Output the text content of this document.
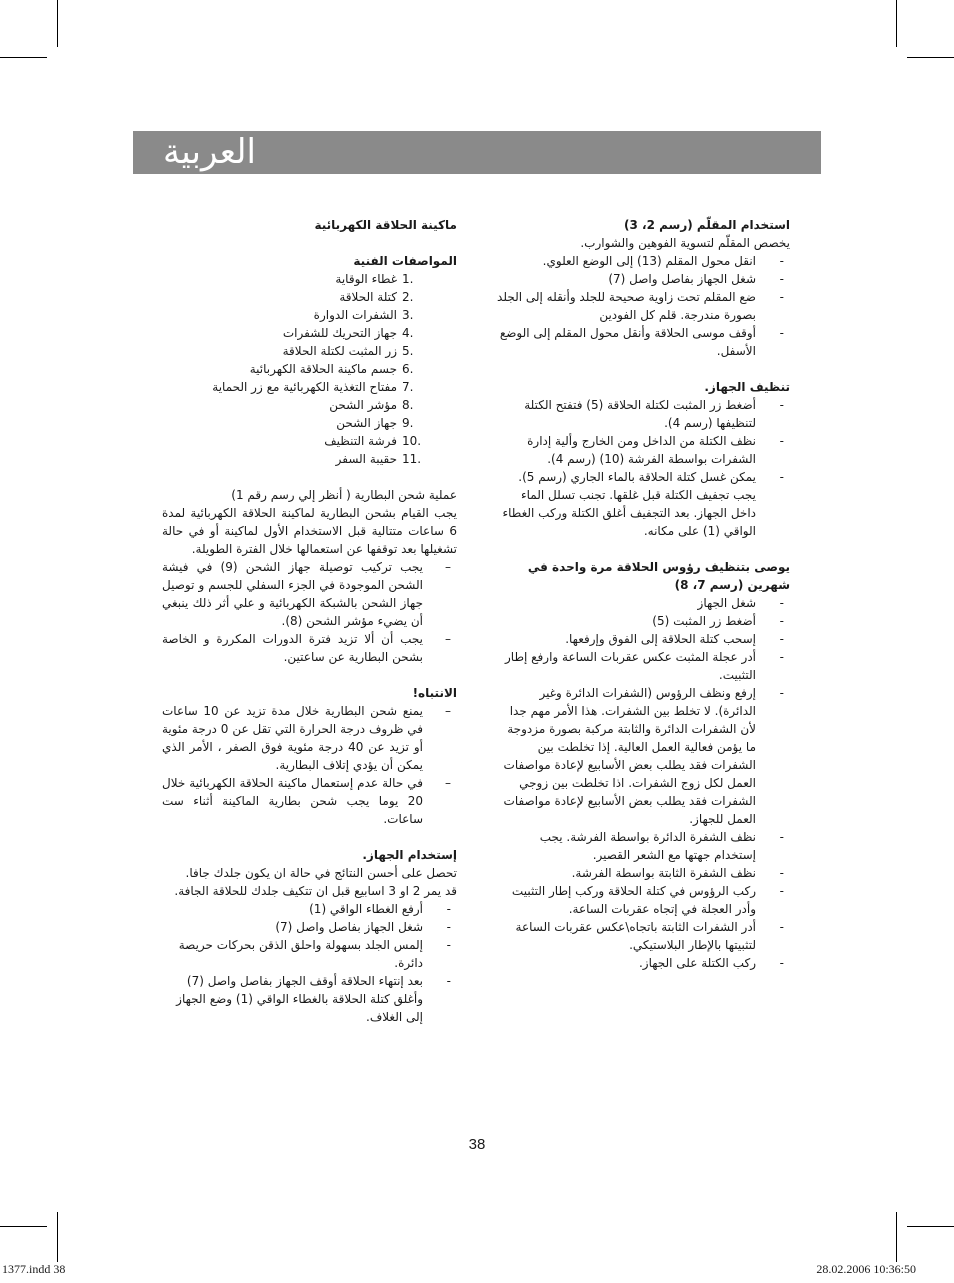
العربية

استخدام المقلّم (رسم 2، 3)

يخصص المقلّم لتسوية الفوهين والشوارب.

-
انقل محول المقلم (13) إلى الوضع العلوي.
-
شغل الجهاز بفاصل واصل (7)
-
ضع المقلم تحت زاوية صحيحة للجلد وأنقله إلى الجلد بصورة مندرجة. قلم كل الفودين
-
أوقف موسى الحلاقة وأنقل محول المقلم إلى الوضع الأسفل.

تنظيف الجهاز.

-
أضغط زر المثبت لكتلة الحلاقة (5) فتفتح الكتلة لتنظيفها (رسم 4).
-
نظف الكتلة من الداخل ومن الخارج وألية إدارة الشفرات بواسطة الفرشة (10) (رسم 4).
-
يمكن غسل كتلة الحلاقة بالماء الجاري (رسم 5). يجب تجفيف الكتلة قبل غلقها. تجنب تسلل الماء داخل الجهاز. بعد التجفيف أغلق الكتلة وركب الغطاء الواقي (1) على مكانه.

يوصى بتنظيف رؤوس الحلاقة مرة واحدة في شهرين (رسم 7، 8)

-
شغل الجهاز
-
أضغط زر المثبت (5)
-
إسحب كتلة الحلاقة إلى الفوق وإرفعها.
-
أدر عجلة المثبت عكس عقربات الساعة وارفع إطار التثبيت.
-
إرفع ونظف الرؤوس (الشفرات الدائرة وغير الدائرة). لا تخلط بين الشفرات. هذا الأمر مهم جدا لأن الشفرات الدائرة والثابتة مركبة بصورة مزدوجة ما يؤمن فعالية العمل العالية. إذا تخلطت بين الشفرات فقد يطلب بعض الأسابيع لإعادة مواصفات العمل لكل زوج الشفرات. اذا تخلطت بين زوجي الشفرات فقد يطلب بعض الأسابيع لإعادة مواصفات العمل للجهاز.
-
نظف الشفرة الدائرة بواسطة الفرشة. يجب إستخدام جهتها مع الشعر القصير.
-
نظف الشفرة الثابتة بواسطة الفرشة.
-
ركب الرؤوس في كتلة الحلاقة وركب إطار التثبيت وأدر العجلة في إتجاه عقربات الساعة.
-
أدر الشفرات الثابتة باتجاه\عكس عقربات الساعة لتثبيتها بالإطار البلاستيكي.
-
ركب الكتلة على الجهاز.

ماكينة الحلاقة الكهربائية

المواصفات الفنية

1.
غطاء الوقاية
2.
كتلة الحلاقة
3.
الشفرات الدوارة
4.
جهاز التحريك للشفرات
5.
زر المثبت لكتلة الحلاقة
6.
جسم ماكينة الحلاقة الكهربائية
7.
مفتاح التغذية الكهربائية مع زر الحماية
8.
مؤشر الشحن
9.
جهاز الشحن
10.
فرشة التنظيف
11.
حقيبة السفر

عملية شحن البطارية ( أنظر إلي رسم رقم 1)

يجب القيام بشحن البطارية لماكينة الحلاقة الكهربائية لمدة 6 ساعات متتالية قبل الاستخدام الأول لماكينة أو في حالة تشغيلها بعد توقفها عن استعمالها خلال الفترة الطويلة.

–
يجب تركيب توصيلة جهاز الشحن (9) في فيشة الشحن الموجودة في الجزء السفلي للجسم و توصيل جهاز الشحن بالشبكة الكهربائية و علي أثر ذلك ينبغي أن يضيء مؤشر الشحن (8).
–
يجب أن ألا تزيد فترة الدورات المكررة و الخاصة بشحن البطارية عن ساعتين.

الانتباه!

–
يمنع شحن البطارية خلال مدة تزيد عن 10 ساعات في ظروف درجة الحرارة التي تقل عن 0 درجة مئوية أو تزيد عن 40 درجة مئوية فوق الصفر ، الأمر الذي يمكن أن يؤدي إتلاف البطارية.
–
في حالة عدم إستعمال ماكينة الحلاقة الكهربائية خلال 20 يوما يجب شحن بطارية الماكينة أثناء ست ساعات.

إستخدام الجهاز.

تحصل على أحسن النتائج في حالة ان يكون جلدك جافا.

قد يمر 2 او 3 اسابيع قبل ان تتكيف جلدك للحلاقة الجافة.

-
أرفع الغطاء الواقي (1)
-
شغل الجهاز بفاصل واصل (7)
-
إلمس الجلد بسهولة واحلق الذقن بحركات حريصة دائرة.
-
بعد إنتهاء الحلاقة أوقف الجهاز بفاصل واصل (7) وأغلق كتلة الحلاقة بالغطاء الواقي (1) وضع الجهاز إلى الغلاف.
38
1377.indd 38	28.02.2006 10:36:50
